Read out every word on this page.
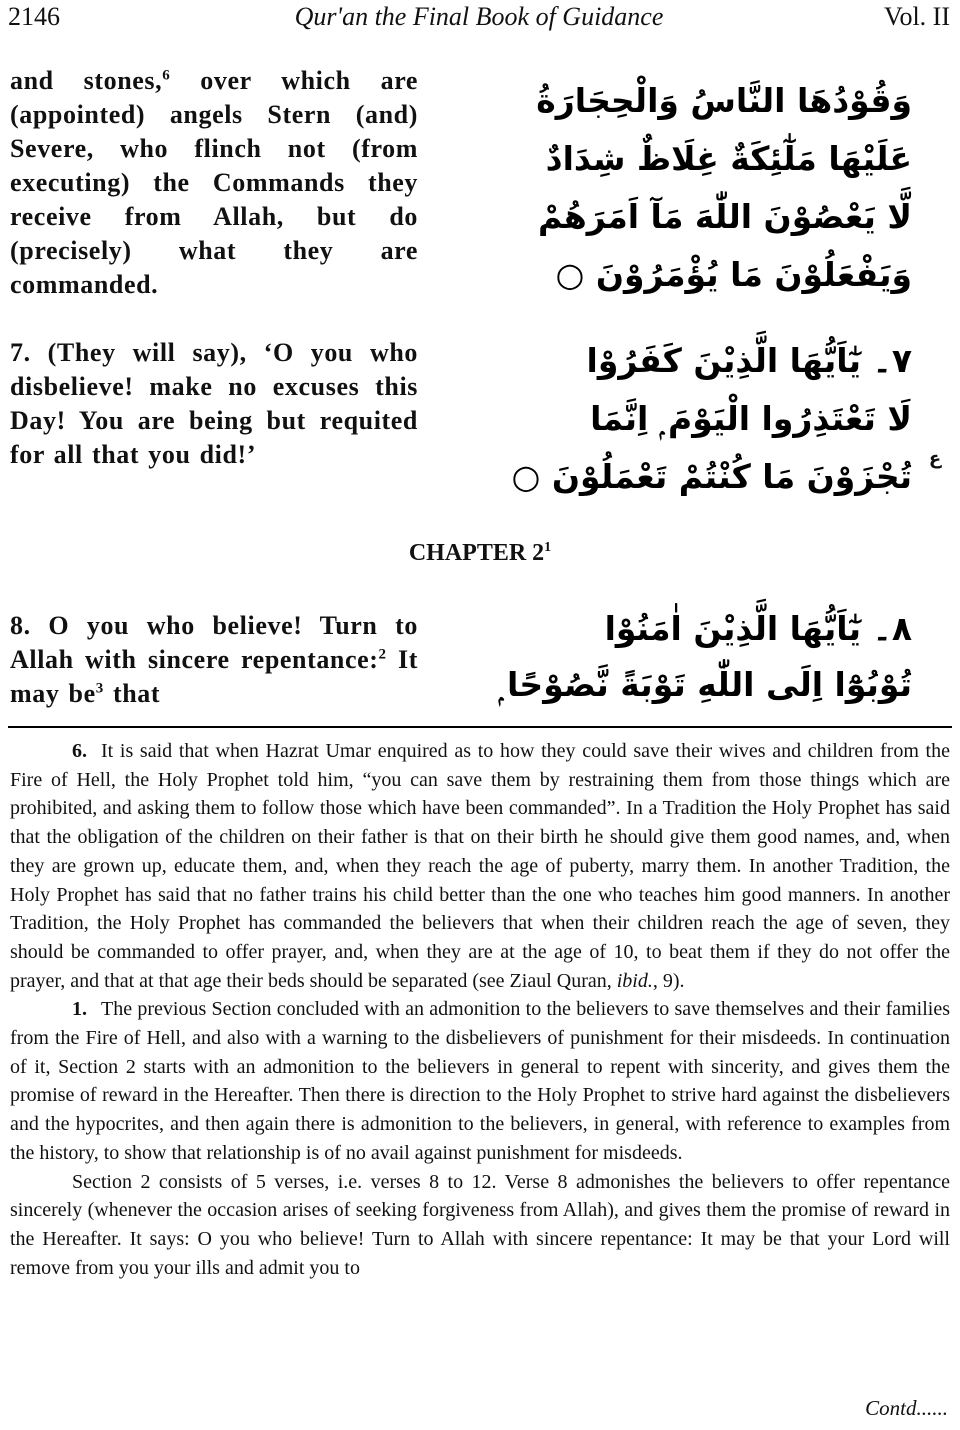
2146	Qur'an the Final Book of Guidance	Vol. II
and stones,$^6$ over which are (appointed) angels Stern (and) Severe, who flinch not (from executing) the Commands they receive from Allah, but do (precisely) what they are commanded.
وَقُوْدُهَا النَّاسُ وَالْحِجَارَةُ
عَلَيْهَا مَلٰٓئِكَةٌ غِلَاظٌ شِدَادٌ
لَّا يَعْصُوْنَ اللّٰهَ مَآ اَمَرَهُمْ
وَيَفْعَلُوْنَ مَا يُؤْمَرُوْنَ ○
7. (They will say), ‘O you who disbelieve! make no excuses this Day! You are being but requited for all that you did!’
٧۔ يٰٓاَيُّهَا الَّذِيْنَ كَفَرُوْا
لَا تَعْتَذِرُوا الْيَوْمَ ۭ اِنَّمَا
تُجْزَوْنَ مَا كُنْتُمْ تَعْمَلُوْنَ ○ ع
CHAPTER $2^1$
8. O you who believe! Turn to Allah with sincere repentance:$^2$ It may $be^3$ that
٨۔ يٰٓاَيُّهَا الَّذِيْنَ اٰمَنُوْا
تُوْبُوْٓا اِلَى اللّٰهِ تَوْبَةً نَّصُوْحًا ۭ

6. It is said that when Hazrat Umar enquired as to how they could save their wives and children from the Fire of Hell, the Holy Prophet told him, “you can save them by restraining them from those things which are prohibited, and asking them to follow those which have been commanded”. In a Tradition the Holy Prophet has said that the obligation of the children on their father is that on their birth he should give them good names, and, when they are grown up, educate them, and, when they reach the age of puberty, marry them. In another Tradition, the Holy Prophet has said that no father trains his child better than the one who teaches him good manners. In another Tradition, the Holy Prophet has commanded the believers that when their children reach the age of seven, they should be commanded to offer prayer, and, when they are at the age of 10, to beat them if they do not offer the prayer, and that at that age their beds should be separated (see Ziaul Quran, ibid., 9).

1. The previous Section concluded with an admonition to the believers to save themselves and their families from the Fire of Hell, and also with a warning to the disbelievers of punishment for their misdeeds. In continuation of it, Section 2 starts with an admonition to the believers in general to repent with sincerity, and gives them the promise of reward in the Hereafter. Then there is direction to the Holy Prophet to strive hard against the disbelievers and the hypocrites, and then again there is admonition to the believers, in general, with reference to examples from the history, to show that relationship is of no avail against punishment for misdeeds.

Section 2 consists of 5 verses, i.e. verses 8 to 12. Verse 8 admonishes the believers to offer repentance sincerely (whenever the occasion arises of seeking forgiveness from Allah), and gives them the promise of reward in the Hereafter. It says: O you who believe! Turn to Allah with sincere repentance: It may be that your Lord will remove from you your ills and admit you to

Contd......
